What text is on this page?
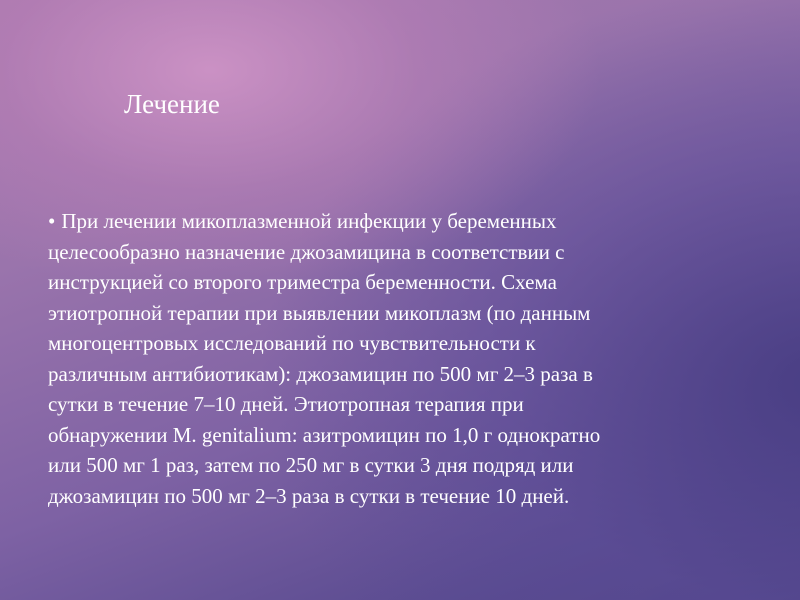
Лечение
• При лечении микоплазменной инфекции у беременных
целесообразно назначение джозамицина в соответствии с
инструкцией со второго триместра беременности. Схема
этиотропной терапии при выявлении микоплазм (по данным
многоцентровых исследований по чувствительности к
различным антибиотикам): джозамицин по 500 мг 2–3 раза в
сутки в течение 7–10 дней. Этиотропная терапия при
обнаружении M. genitalium: азитромицин по 1,0 г однократно
или 500 мг 1 раз, затем по 250 мг в сутки 3 дня подряд или
джозамицин по 500 мг 2–3 раза в сутки в течение 10 дней.
